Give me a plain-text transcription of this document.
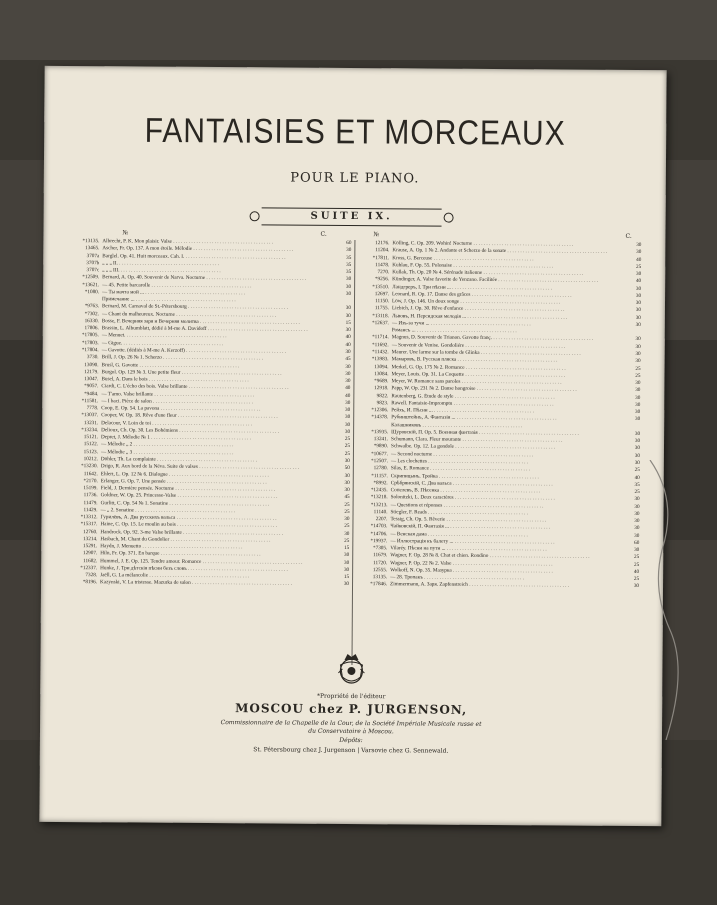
FANTAISIES ET MORCEAUX
POUR LE PIANO.
SUITE IX.
№	C.	№	C.
*13135. Albrecht, P. K. Mon plaisir. Valse . . .	60
13465. Ascher, Fr. Op. 137. A mon étoile. Mélodie . . .	30
3707a Barglel. Op. 41. Huit morceaux. Cah. I. . . .	35
3707b „ „ „ II. . . .	35
3707c „ „ „ III. . . .	35
*12509. Bernard, A. Op. 40. Souvenir de Narva. Nocturne . . .	30
*13621. — 45. Petite barcarolle . . .	30
*1080. — Ты мачта мой ... . . .	30
Примечание ... . . .
*9763. Bernard, M. Carnaval de St.-Pétersbourg . . .	30
*7302. — Chant du malheureux. Nocturne . . .	30
16330. Bosse, F. Вечерняя заря и Вечерняя молитва . . .	15
17806. Brassin, L. Albumblatt, dédié à M-me A. Davidoff . . .	30
*17805. — Menuet. . . .	40
*17803. — Gigue. . . .	40
*17804. — Gavotte. (dédiés à M-me A. Kerzoff) . . .	30
3730. Brill, J. Op. 26 № 1. Scherzo . . .	45
13090. Brusl, G. Gavotte . . .	30
12179. Burgol. Op. 129 № 3. Une petite fleur . . .	30
13047. Busel, A. Dans le bois . . .	30
*9057. Ciardi, C. L'écho des bois. Valse brillante . . .	40
*9484. — T'amo. Valse brillante . . .	40
*11581. — I baci. Pièce de salon . . .	30
7778. Coop, E. Op. 54. La pavona . . .	30
*13037. Cooper, W. Op. 18. Rêve d'une fleur . . .	30
13231. Delacour, V. Loin de toi . . .	30
*13234. Delioux, Ch. Op. 30. Les Bohémiens . . .	30
15121. Depret, J. Mélodie № 1 . . .	25
15122. — Mélodie „ 2 . . .	25
15123. — Mélodie „ 3 . . .	25
10212. Döhler, Th. La complainte . . .	30
*13230. Drigo, R. Aux bord de la Néva. Suite de valses . . .	50
11642. Ehlert, L. Op. 12 № 6. Dialogue . . .	30
*2170. Erlanger, G. Op. 7. Une pensée . . .	30
15199. Field, J. Dernière pensée. Nocturne . . .	30
11736. Goldner, W. Op. 25. Princesse-Valse . . .	45
11479. Gurlitt, C. Op. 54 № 1. Sonatine . . .	25
11429. — „ 2. Sonatine . . .	25
*13312. Гурилёвъ, А. Два русскихъ вальса . . .	30
*15317. Haine, C. Op. 15. Le moulin au bois . . .	25
12760. Handrock. Op. 92. 3-me Valse brillante . . .	30
13214. Hasbach, M. Chant du Gondolier . . .	25
15291. Haydn, J. Menuetto . . .	15
12907. Hiln, Fr. Op. 371. En barque . . .	30
11682. Hummel, J. E. Op. 125. Tendre amour. Romance . . .	30
*12337. Hunke, J. Три дѣтскія пѣсни безъ словъ . . .	30
7328. Jaëll, G. La mélancolie . . .	15
*8196. Kazynski, V. La tristesse. Mazurka de salon . . .	30
12176. Kölling, C. Op. 209. Wohin! Nocturne . . .	30
11204. Krause, A. Op. 1 № 2. Andante et Scherzo de la sonate . . .	30
*17811. Kross, G. Berceuse . . .	40
11478. Kuhlau, F. Op. 55. Polonaise . . .	25
7270. Kullak, Th. Op. 20 № 4. Sérénade italienne . . .	30
*9256. Kündinger, A. Valse favorite de Yenzano. Facilitée . . .	40
*13510. Ландгреръ, І. Три пѣсни ... . . .	30
12697. Leonard, R. Op. 17. Danse des grâces . . .	30
11150. Löw, J. Op. 146. Un doux songe . . .	30
11755. Liebich, J. Op. 30. Rêve d'enfance . . .	30
*13118. Львовъ, Н. Персидская мелодія ... . . .	30
*12637. — Изъ-за тучи ... . . .	30
Романсъ ... . . .
*11714. Magnus, D. Souvenir de Trianon. Gavotte franç. . . .	30
*11692. — Souvenir de Venise. Gondoliére . . .	30
*11432. Maurer. Une larme sur la tombe de Glinka . . .	30
*13983. Мамаровъ, В. Русская пляска . . .	30
13094. Merkel, G. Op. 175 № 2. Romance . . .	25
13084. Meyer, Louis. Op. 31. La Coquette . . .	25
*9689. Meyer, W. Romance sans paroles . . .	30
12918. Papp, W. Op. 231 № 2. Danse hongroise . . .	30
9822. Rautenberg, G. Étude de style . . .	30
9823. Rawell. Fantaisie-Impromptu . . .	30
*12306. Рейхъ, И. Пѣсни ... . . .	30
*14378. Рубинштейнъ, А. Фантазія ... . . .	30
Калашниковъ . . .
*13935. Щуровскій, П. Op. 5. Военная фантазія . . .	30
13241. Schumann, Clara. Fleur mourante . . .	30
*9890. Schwalbe. Op. 12. La gondole . . .	30
*10677. — Second nocturne . . .	30
*12507. — Les clochettes . . .	30
12780. Silas, E. Romance . . .	25
*11157. Скрипицынъ. Тройка . . .	40
*8992. Срѣбрянскій, С. Два вальса . . .	35
*12435. Сопелевъ, В. Пѣсенка . . .	25
*13218. Solonitzki, L. Deux caractères . . .	30
*13213. — Questions et réponses . . .	30
11140. Stiegler, F. Reads . . .	30
2207. Tessig, Ch. Op. 5. Rêverie . . .	30
*14703. Чайковскій, П. Фантазія ... . . .	30
*14706. — Венская дама . . .	30
*19937. — Иллюстрація къ балету ... . . .	60
*7305. Vilaréy. Пѣсни на пути ... . . .	30
11679. Wagner, F. Op. 28 № 8. Chat et chien. Rondino . . .	25
11720. Wagner, P. Op. 22 № 2. Valse . . .	25
12555. Wolkoff, N. Op. 35. Мазурка . . .	40
13135. — 28. Тропакъ . . .	25
*17846. Zimmermann, A. Заря. Zapfenstreich . . .	30
*Propriété de l'éditeur
MOSCOU chez P. JURGENSON,
Commissionnaire de la Chapelle de la Cour, de la Société Impériale Musicale russe et
du Conservatoire à Moscou.
Dépôts:
St. Pétersbourg chez J. Jurgenson | Varsovie chez G. Sennewald.
